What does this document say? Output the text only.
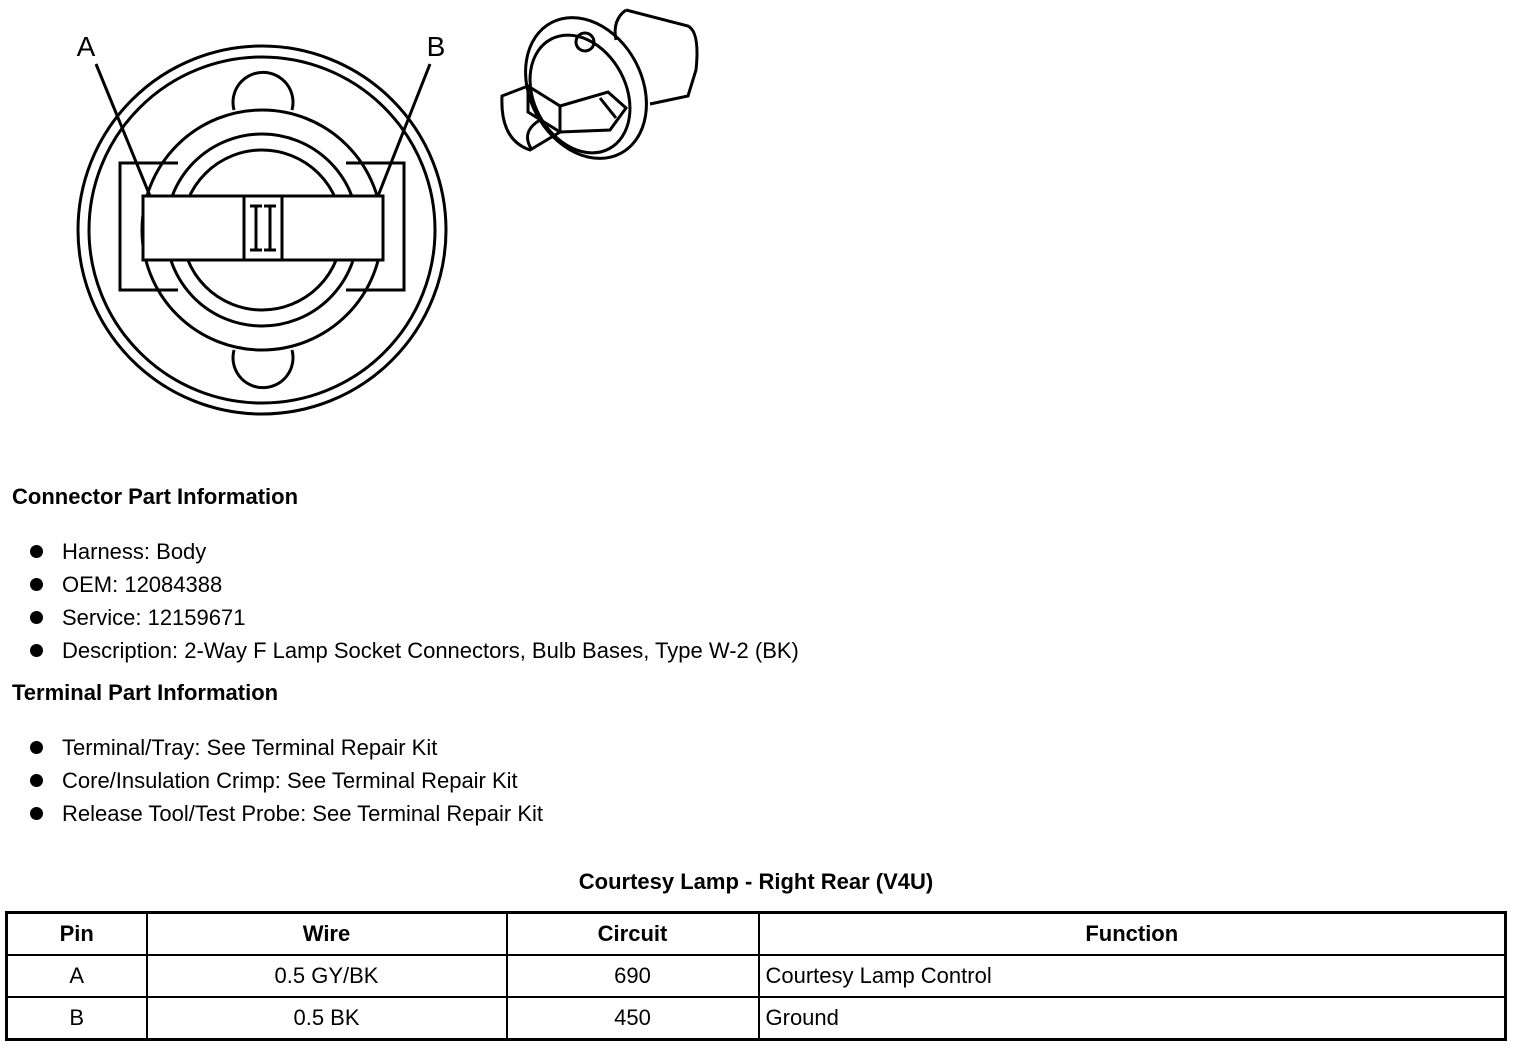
A	B
Connector Part Information
Harness: Body
OEM: 12084388
Service: 12159671
Description: 2-Way F Lamp Socket Connectors, Bulb Bases, Type W-2 (BK)
Terminal Part Information
Terminal/Tray: See Terminal Repair Kit
Core/Insulation Crimp: See Terminal Repair Kit
Release Tool/Test Probe: See Terminal Repair Kit
Courtesy Lamp - Right Rear (V4U)
Pin	Wire	Circuit	Function
A	0.5 GY/BK	690	Courtesy Lamp Control
B	0.5 BK	450	Ground
